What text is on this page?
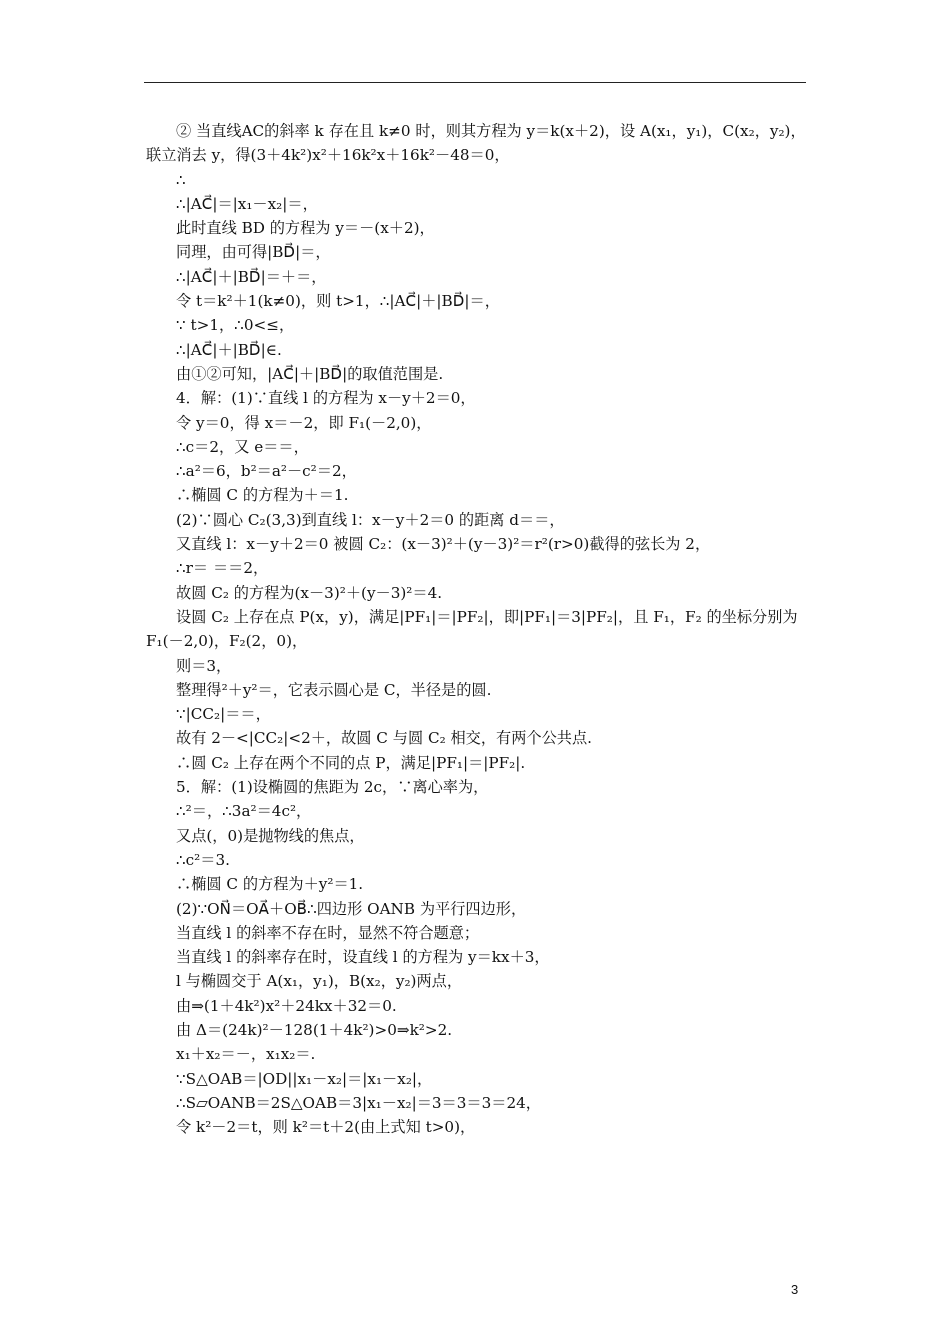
② 当直线AC的斜率 k 存在且 k≠0 时，则其方程为 y＝k(x＋2)，设 A(x₁，y₁)，C(x₂，y₂)，
联立消去 y，得(3＋4k²)x²＋16k²x＋16k²－48＝0，
∴
∴|AC⃗|＝|x₁－x₂|＝，
此时直线 BD 的方程为 y＝－(x＋2)，
同理，由可得|BD⃗|＝，
∴|AC⃗|＋|BD⃗|＝＋＝，
令 t＝k²＋1(k≠0)，则 t>1，∴|AC⃗|＋|BD⃗|＝，
∵ t>1，∴0<≤，
∴|AC⃗|＋|BD⃗|∈.
由①②可知，|AC⃗|＋|BD⃗|的取值范围是.
4．解：(1)∵直线 l 的方程为 x－y＋2＝0，
令 y＝0，得 x＝－2，即 F₁(－2,0)，
∴c＝2，又 e＝＝，
∴a²＝6，b²＝a²－c²＝2，
∴椭圆 C 的方程为＋＝1.
(2)∵圆心 C₂(3,3)到直线 l：x－y＋2＝0 的距离 d＝＝，
又直线 l：x－y＋2＝0 被圆 C₂：(x－3)²＋(y－3)²＝r²(r>0)截得的弦长为 2，
∴r＝ ＝＝2，
故圆 C₂ 的方程为(x－3)²＋(y－3)²＝4.
设圆 C₂ 上存在点 P(x，y)，满足|PF₁|＝|PF₂|，即|PF₁|＝3|PF₂|，且 F₁，F₂ 的坐标分别为
F₁(－2,0)，F₂(2，0)，
则＝3，
整理得²＋y²＝，它表示圆心是 C，半径是的圆.
∵|CC₂|＝＝，
故有 2－<|CC₂|<2＋，故圆 C 与圆 C₂ 相交，有两个公共点.
∴圆 C₂ 上存在两个不同的点 P，满足|PF₁|＝|PF₂|.
5．解：(1)设椭圆的焦距为 2c，∵离心率为，
∴²＝，∴3a²＝4c²，
又点(，0)是抛物线的焦点，
∴c²＝3.
∴椭圆 C 的方程为＋y²＝1.
(2)∵ON⃗＝OA⃗＋OB⃗∴四边形 OANB 为平行四边形，
当直线 l 的斜率不存在时，显然不符合题意；
当直线 l 的斜率存在时，设直线 l 的方程为 y＝kx＋3，
l 与椭圆交于 A(x₁，y₁)，B(x₂，y₂)两点，
由⇒(1＋4k²)x²＋24kx＋32＝0.
由 Δ＝(24k)²－128(1＋4k²)>0⇒k²>2.
x₁＋x₂＝－，x₁x₂＝.
∵S△OAB＝|OD||x₁－x₂|＝|x₁－x₂|，
∴S▱OANB＝2S△OAB＝3|x₁－x₂|＝3＝3＝3＝24，
令 k²－2＝t，则 k²＝t＋2(由上式知 t>0)，
3
